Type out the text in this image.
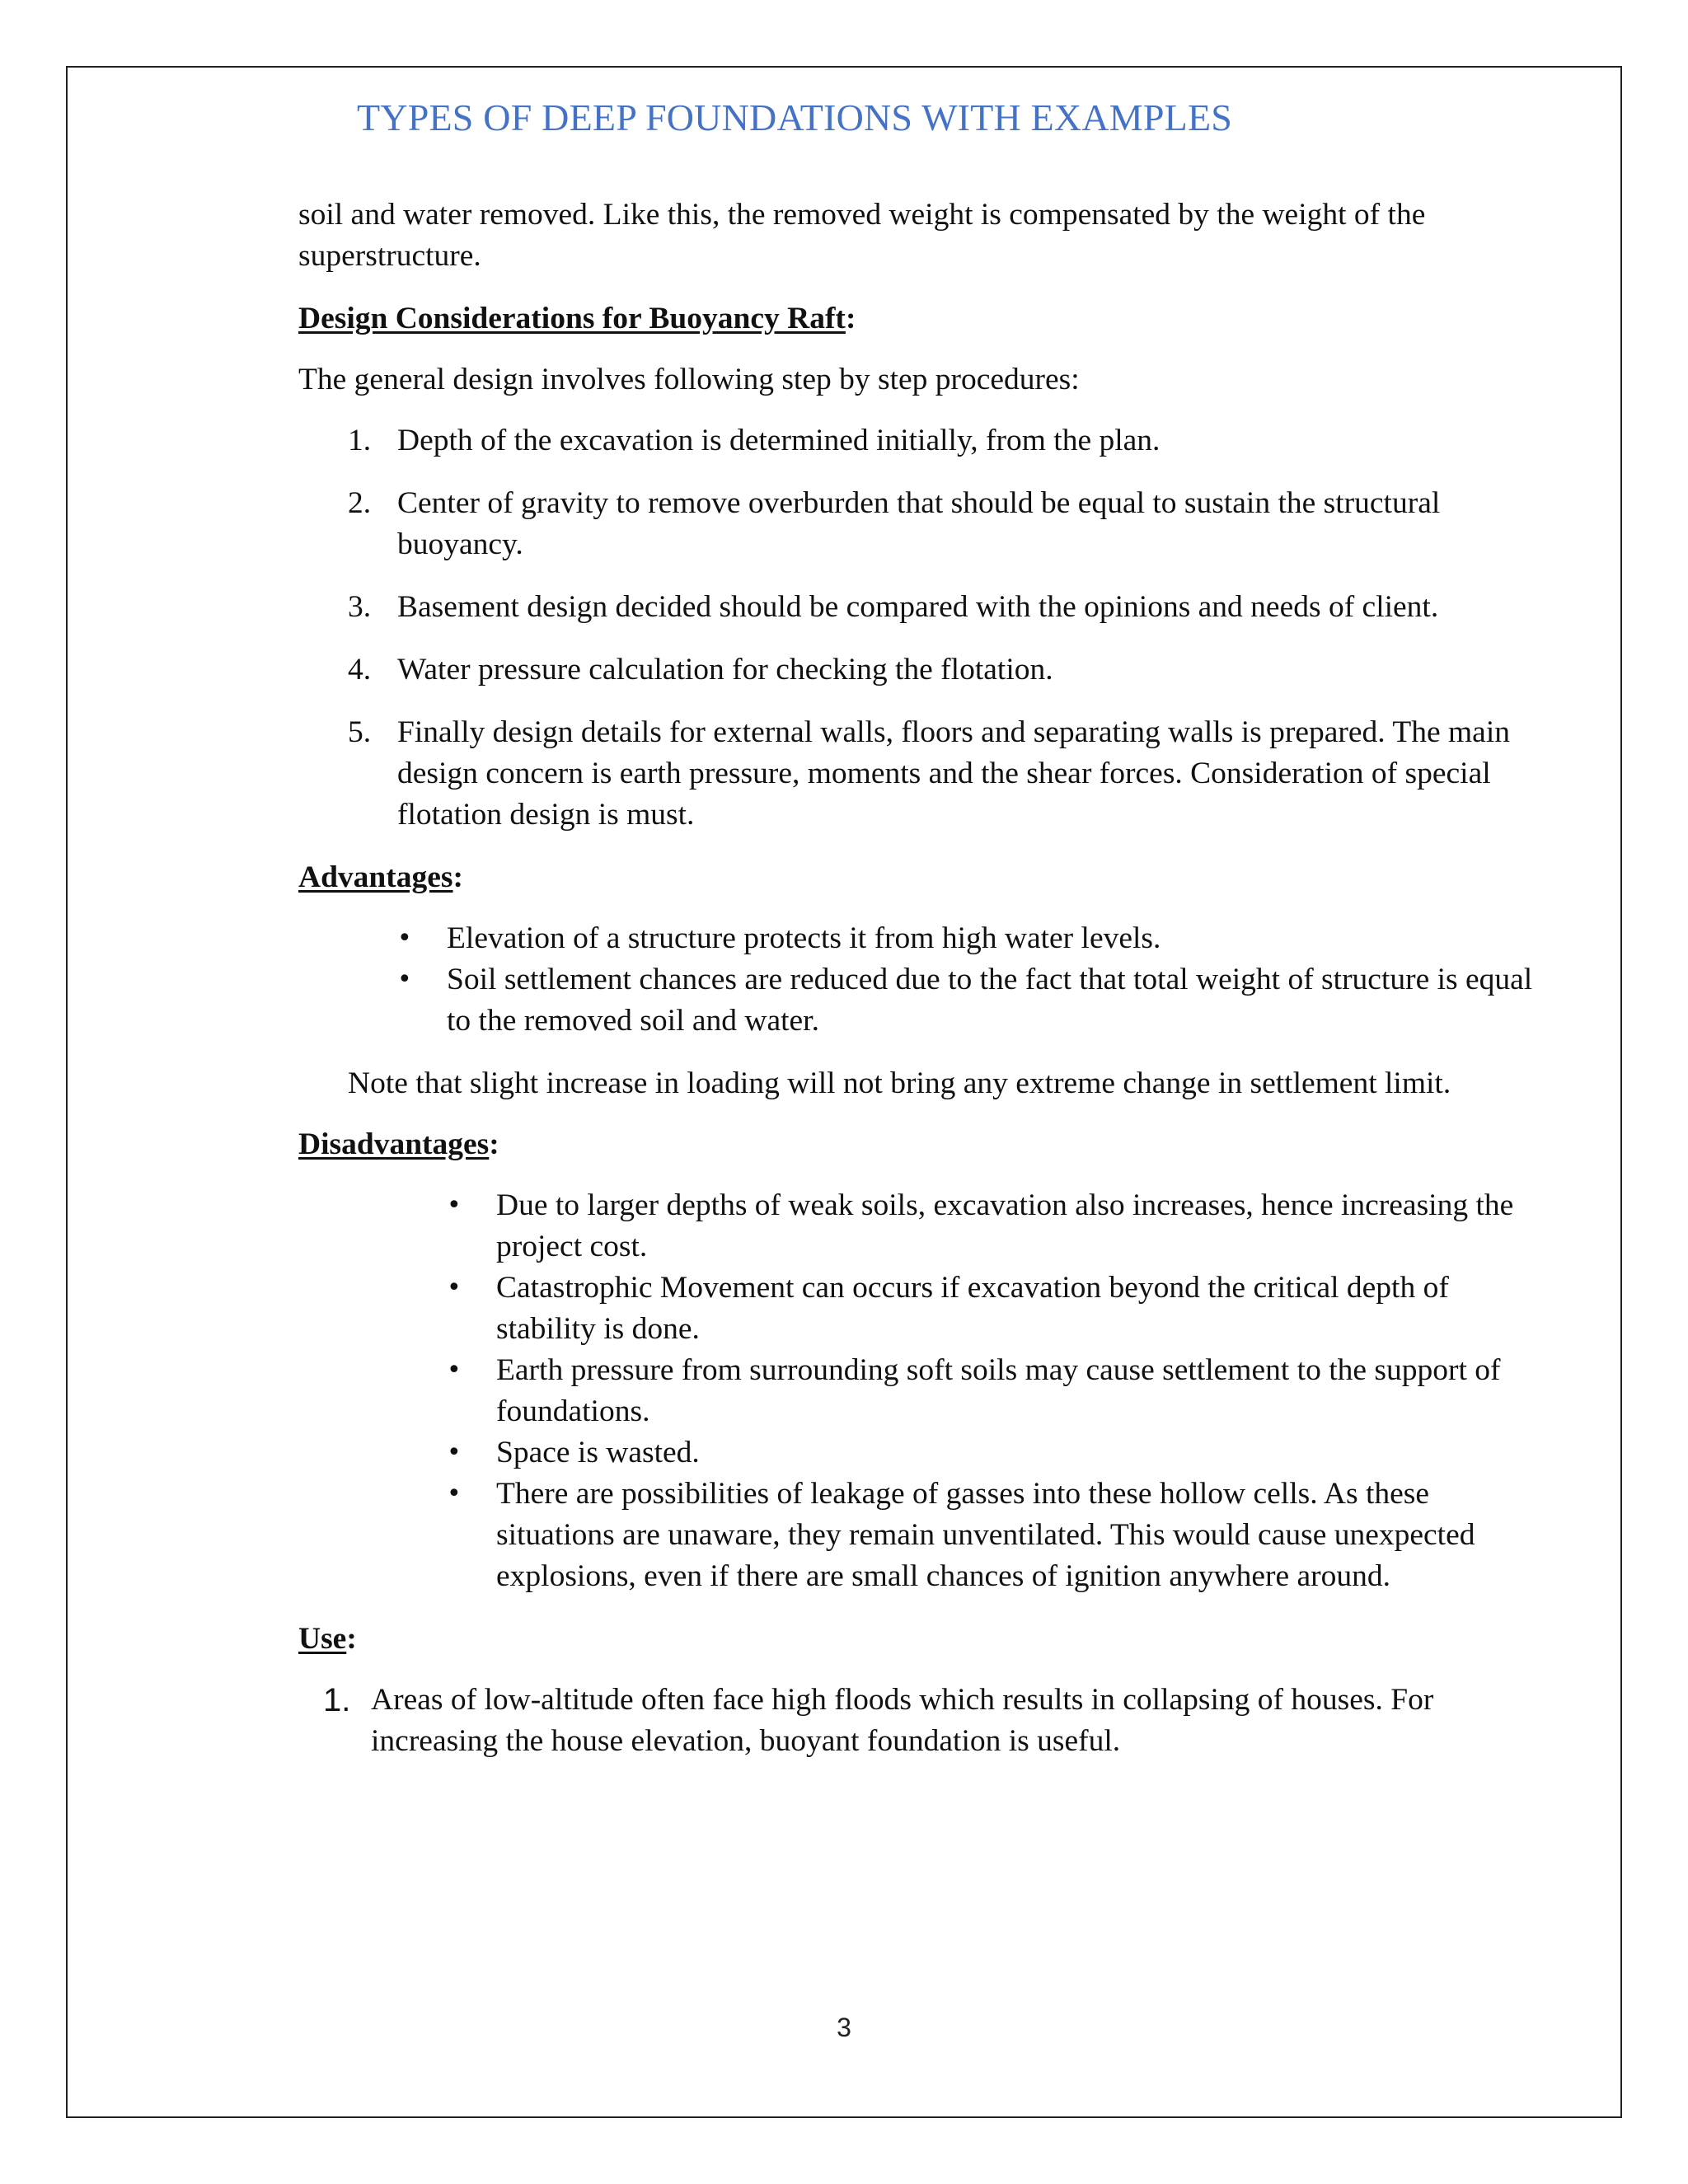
TYPES OF DEEP FOUNDATIONS WITH EXAMPLES

soil and water removed. Like this, the removed weight is compensated by the weight of the superstructure.

Design Considerations for Buoyancy Raft:

The general design involves following step by step procedures:

1. Depth of the excavation is determined initially, from the plan.
2. Center of gravity to remove overburden that should be equal to sustain the structural buoyancy.
3. Basement design decided should be compared with the opinions and needs of client.
4. Water pressure calculation for checking the flotation.
5. Finally design details for external walls, floors and separating walls is prepared. The main design concern is earth pressure, moments and the shear forces. Consideration of special flotation design is must.

Advantages:

•	Elevation of a structure protects it from high water levels.
•	Soil settlement chances are reduced due to the fact that total weight of structure is equal to the removed soil and water.

Note that slight increase in loading will not bring any extreme change in settlement limit.

Disadvantages:

•	Due to larger depths of weak soils, excavation also increases, hence increasing the project cost.
•	Catastrophic Movement can occurs if excavation beyond the critical depth of stability is done.
•	Earth pressure from surrounding soft soils may cause settlement to the support of foundations.
•	Space is wasted.
•	There are possibilities of leakage of gasses into these hollow cells. As these situations are unaware, they remain unventilated. This would cause unexpected explosions, even if there are small chances of ignition anywhere around.

Use:

1. Areas of low-altitude often face high floods which results in collapsing of houses. For increasing the house elevation, buoyant foundation is useful.
3
